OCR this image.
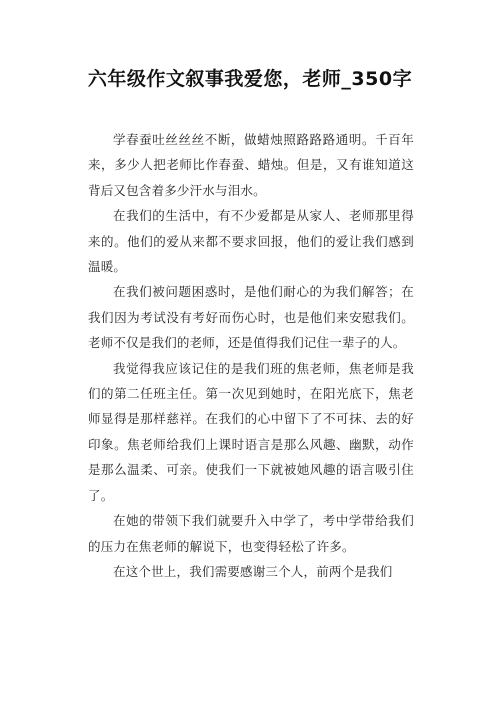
六年级作文叙事我爱您，老师_350字

学春蚕吐丝丝丝不断，做蜡烛照路路路通明。千百年来，多少人把老师比作春蚕、蜡烛。但是，又有谁知道这背后又包含着多少汗水与泪水。

在我们的生活中，有不少爱都是从家人、老师那里得来的。他们的爱从来都不要求回报，他们的爱让我们感到温暖。

在我们被问题困惑时，是他们耐心的为我们解答；在我们因为考试没有考好而伤心时，也是他们来安慰我们。老师不仅是我们的老师，还是值得我们记住一辈子的人。

我觉得我应该记住的是我们班的焦老师，焦老师是我们的第二任班主任。第一次见到她时，在阳光底下，焦老师显得是那样慈祥。在我们的心中留下了不可抹、去的好印象。焦老师给我们上课时语言是那么风趣、幽默，动作是那么温柔、可亲。使我们一下就被她风趣的语言吸引住了。

在她的带领下我们就要升入中学了，考中学带给我们的压力在焦老师的解说下，也变得轻松了许多。

在这个世上，我们需要感谢三个人，前两个是我们
